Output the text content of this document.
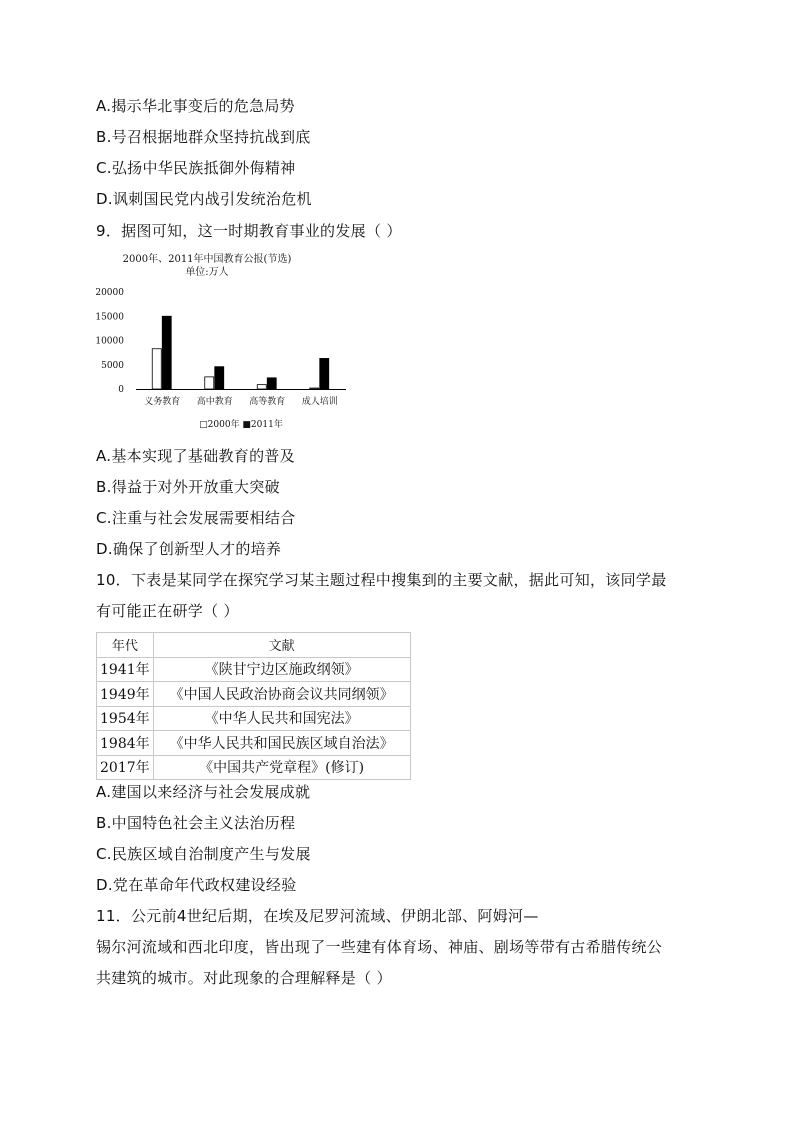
A.揭示华北事变后的危急局势
B.号召根据地群众坚持抗战到底
C.弘扬中华民族抵御外侮精神
D.讽刺国民党内战引发统治危机
9．据图可知，这一时期教育事业的发展（ ）
2000年、2011年中国教育公报(节选)
单位:万人
20000
15000
10000
5000
0
义务教育 高中教育 高等教育 成人培训
□2000年 ■2011年
A.基本实现了基础教育的普及
B.得益于对外开放重大突破
C.注重与社会发展需要相结合
D.确保了创新型人才的培养
10．下表是某同学在探究学习某主题过程中搜集到的主要文献，据此可知，该同学最
有可能正在研学（ ）
年代	文献
1941年	《陕甘宁边区施政纲领》
1949年	《中国人民政治协商会议共同纲领》
1954年	《中华人民共和国宪法》
1984年	《中华人民共和国民族区域自治法》
2017年	《中国共产党章程》(修订)
A.建国以来经济与社会发展成就
B.中国特色社会主义法治历程
C.民族区域自治制度产生与发展
D.党在革命年代政权建设经验
11．公元前4世纪后期，在埃及尼罗河流域、伊朗北部、阿姆河—
锡尔河流域和西北印度，皆出现了一些建有体育场、神庙、剧场等带有古希腊传统公
共建筑的城市。对此现象的合理解释是（ ）
